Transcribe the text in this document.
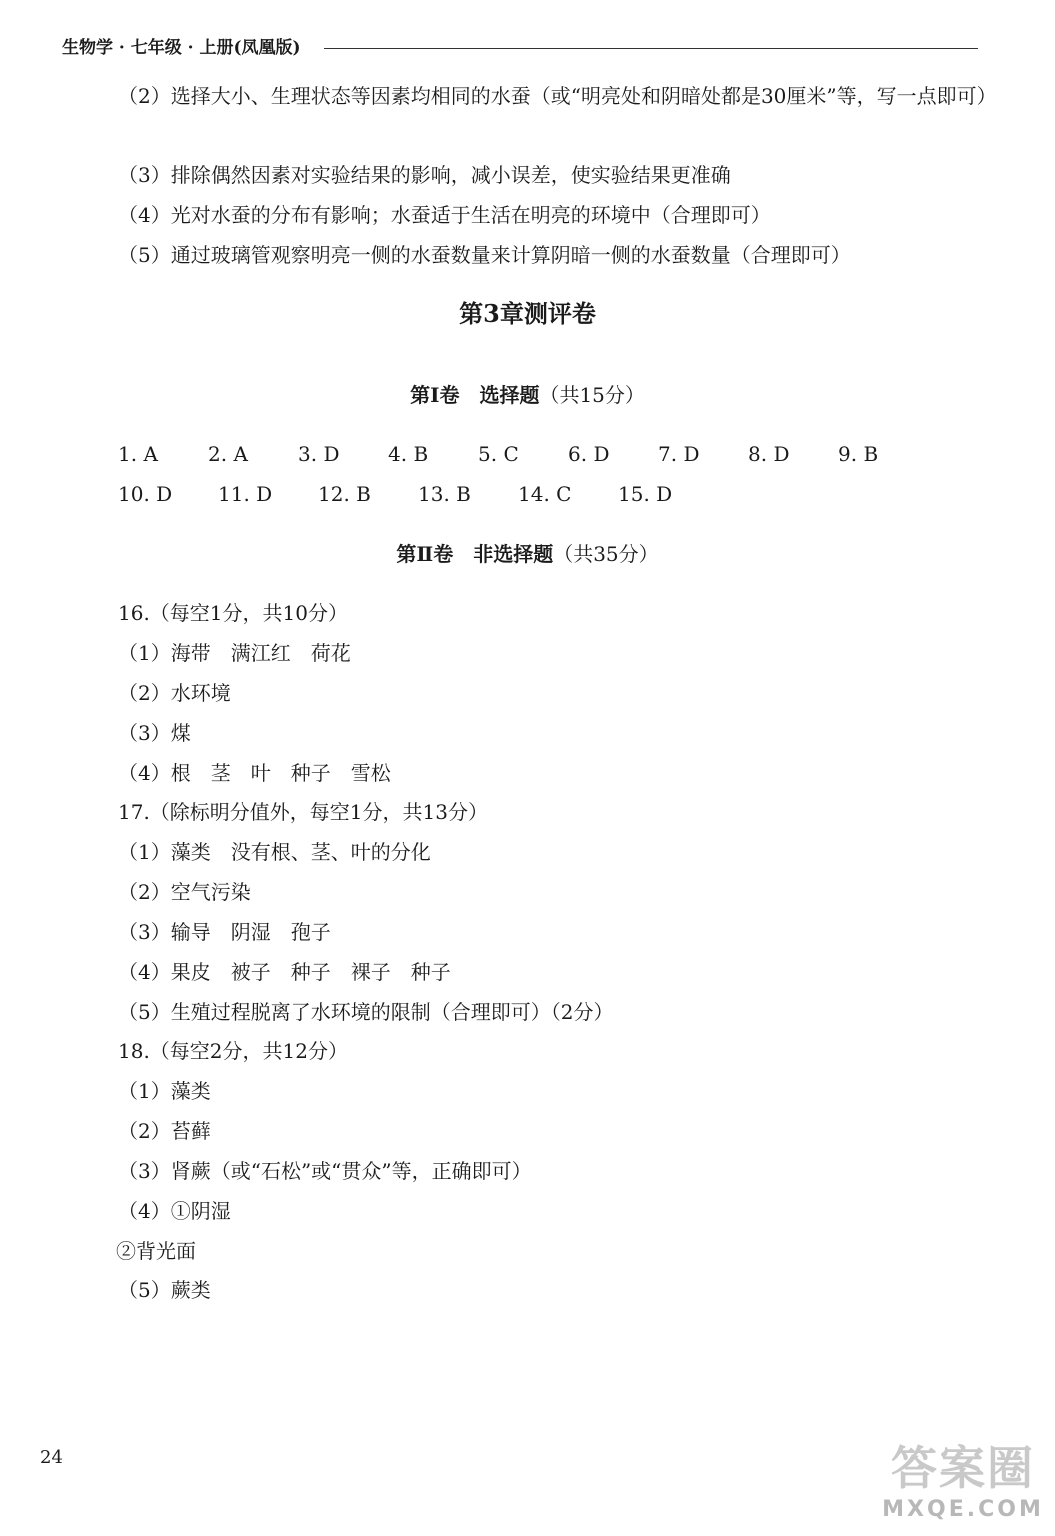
生物学 · 七年级 · 上册(凤凰版)
（2）选择大小、生理状态等因素均相同的水蚕（或“明亮处和阴暗处都是30厘米”等，写一点即可）
（3）排除偶然因素对实验结果的影响，减小误差，使实验结果更准确
（4）光对水蚕的分布有影响；水蚕适于生活在明亮的环境中（合理即可）
（5）通过玻璃管观察明亮一侧的水蚕数量来计算阴暗一侧的水蚕数量（合理即可）
第3章测评卷
第Ⅰ卷　选择题（共15分）
1. A	2. A	3. D 4. B 5. C 6. D 7. D 8. D 9. B
10. D 11. D 12. B 13. B 14. C 15. D
第Ⅱ卷　非选择题（共35分）
16.（每空1分，共10分）
（1）海带　满江红　荷花
（2）水环境
（3）煤
（4）根　茎　叶　种子　雪松
17.（除标明分值外，每空1分，共13分）
（1）藻类　没有根、茎、叶的分化
（2）空气污染
（3）输导　阴湿　孢子
（4）果皮　被子　种子　裸子　种子
（5）生殖过程脱离了水环境的限制（合理即可）（2分）
18.（每空2分，共12分）
（1）藻类
（2）苔藓
（3）肾蕨（或“石松”或“贯众”等，正确即可）
（4）①阴湿
②背光面
（5）蕨类
24	答案圈
MXQE.COM
